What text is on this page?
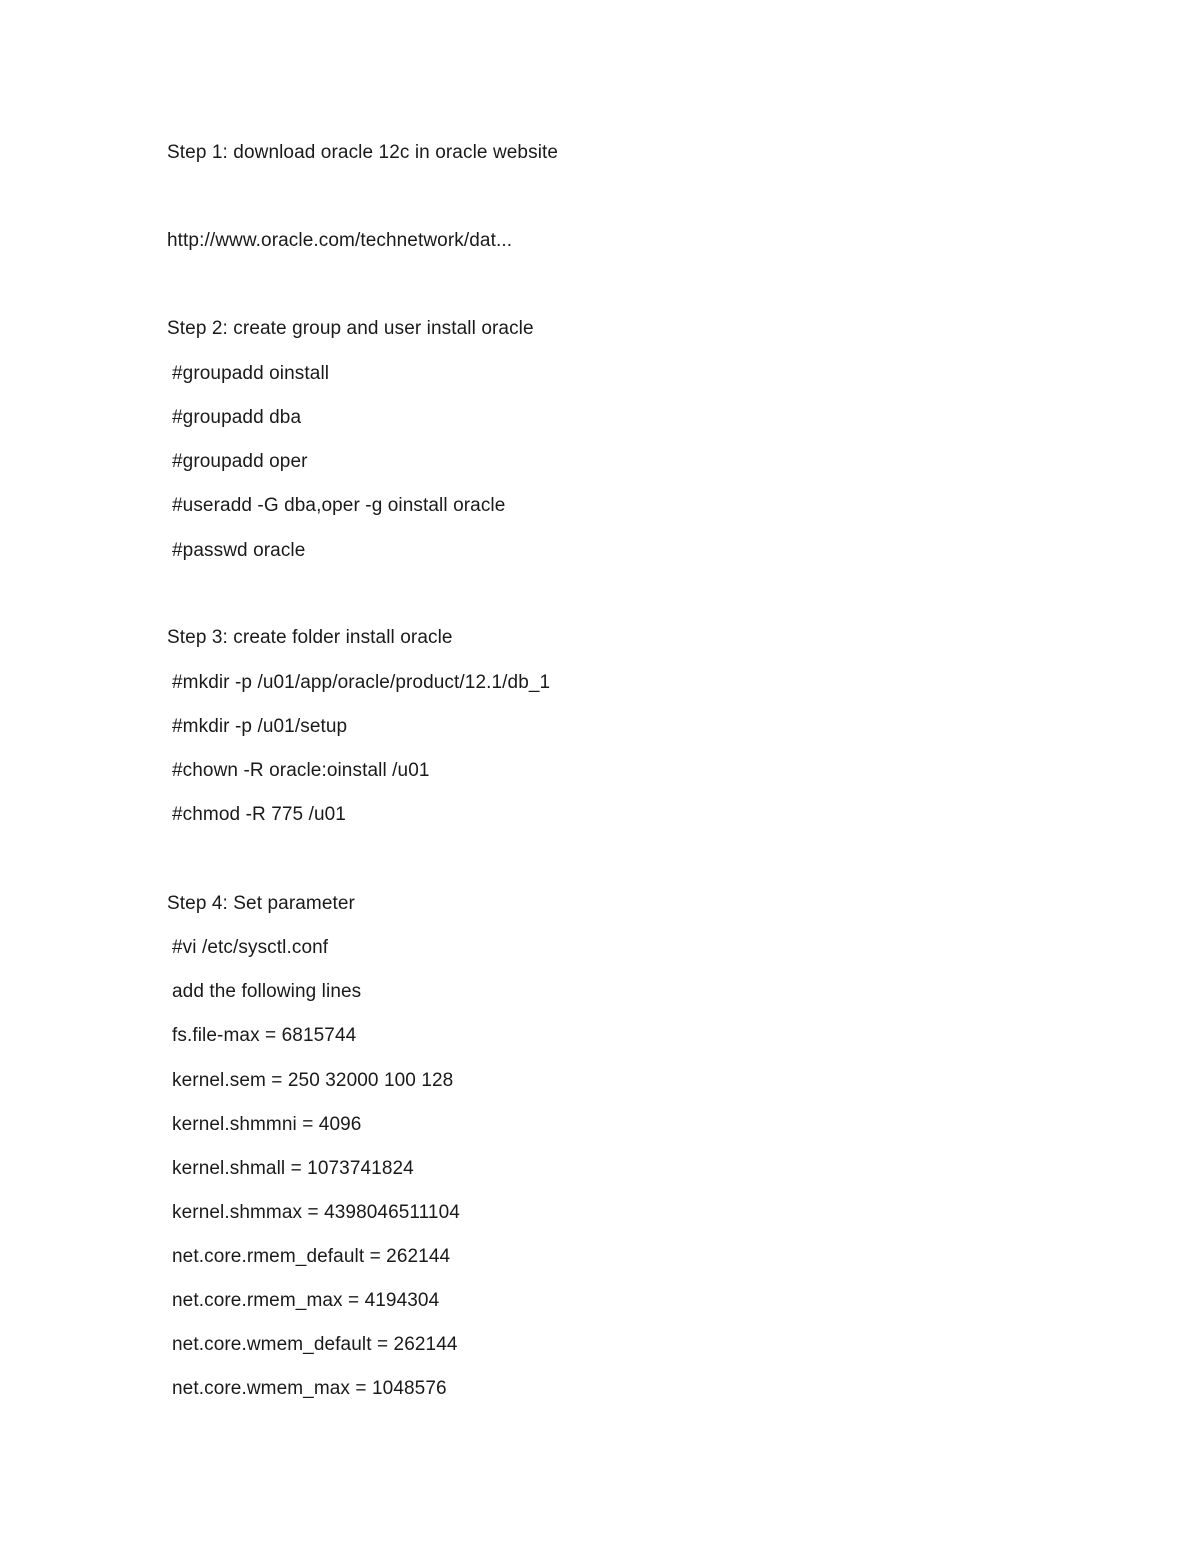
Step 1: download oracle 12c in oracle website
http://www.oracle.com/technetwork/dat...
Step 2: create group and user install oracle
#groupadd oinstall
#groupadd dba
#groupadd oper
#useradd -G dba,oper -g oinstall oracle
#passwd oracle
Step 3: create folder install oracle
#mkdir -p /u01/app/oracle/product/12.1/db_1
#mkdir -p /u01/setup
#chown -R oracle:oinstall /u01
#chmod -R 775 /u01
Step 4: Set parameter
#vi /etc/sysctl.conf
add the following lines
fs.file-max = 6815744
kernel.sem = 250 32000 100 128
kernel.shmmni = 4096
kernel.shmall = 1073741824
kernel.shmmax = 4398046511104
net.core.rmem_default = 262144
net.core.rmem_max = 4194304
net.core.wmem_default = 262144
net.core.wmem_max = 1048576
